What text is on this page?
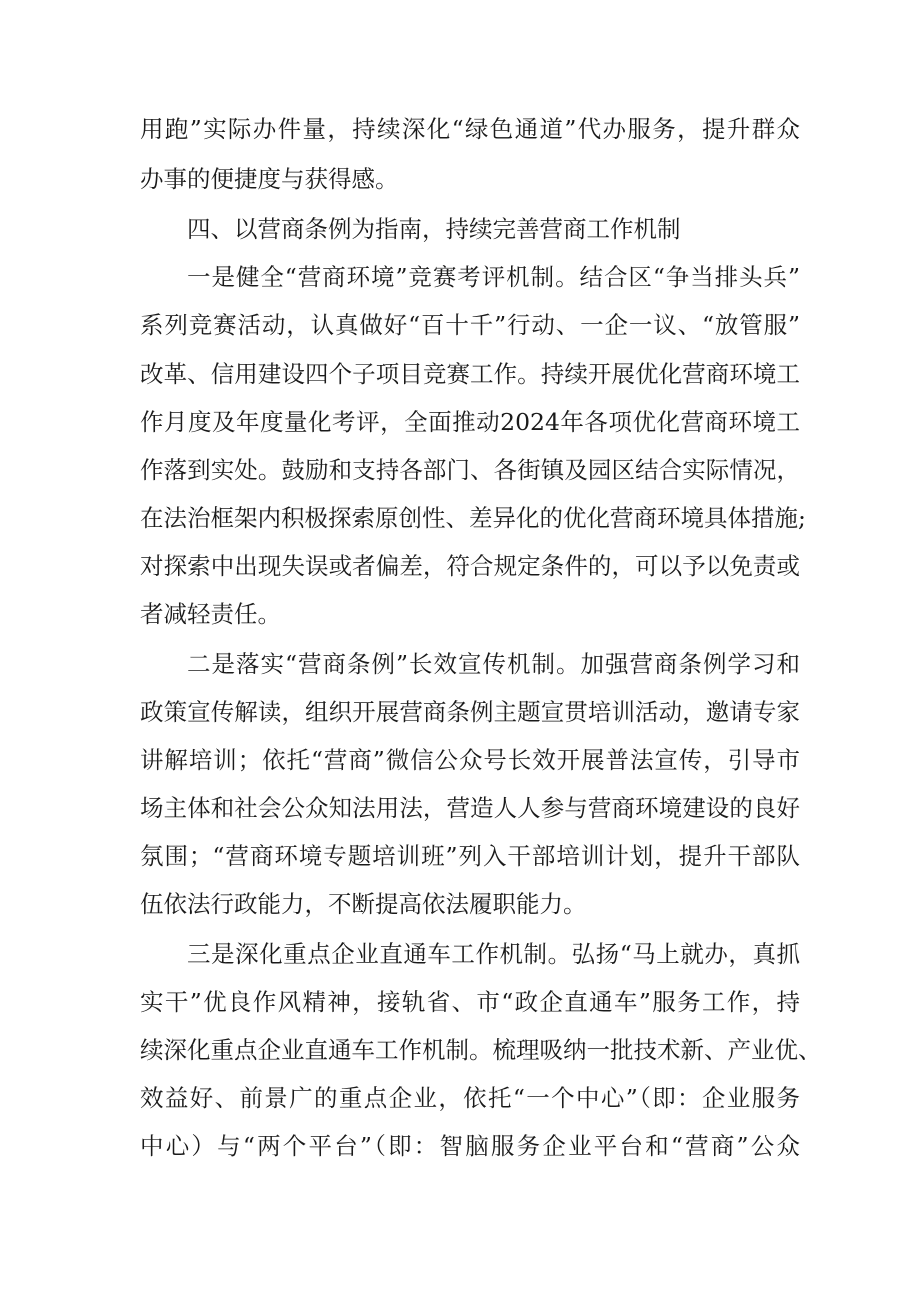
用跑”实际办件量，持续深化“绿色通道”代办服务，提升群众
办事的便捷度与获得感。
四、以营商条例为指南，持续完善营商工作机制
一是健全“营商环境”竞赛考评机制。结合区“争当排头兵”
系列竞赛活动，认真做好“百十千”行动、一企一议、“放管服”
改革、信用建设四个子项目竞赛工作。持续开展优化营商环境工
作月度及年度量化考评，全面推动2024年各项优化营商环境工
作落到实处。鼓励和支持各部门、各街镇及园区结合实际情况，
在法治框架内积极探索原创性、差异化的优化营商环境具体措施;
对探索中出现失误或者偏差，符合规定条件的，可以予以免责或
者减轻责任。
二是落实“营商条例”长效宣传机制。加强营商条例学习和
政策宣传解读，组织开展营商条例主题宣贯培训活动，邀请专家
讲解培训；依托“营商”微信公众号长效开展普法宣传，引导市
场主体和社会公众知法用法，营造人人参与营商环境建设的良好
氛围；“营商环境专题培训班”列入干部培训计划，提升干部队
伍依法行政能力，不断提高依法履职能力。
三是深化重点企业直通车工作机制。弘扬“马上就办，真抓
实干”优良作风精神，接轨省、市“政企直通车”服务工作，持
续深化重点企业直通车工作机制。梳理吸纳一批技术新、产业优、
效益好、前景广的重点企业，依托“一个中心”（即：企业服务
中心）与“两个平台”（即：智脑服务企业平台和“营商”公众
